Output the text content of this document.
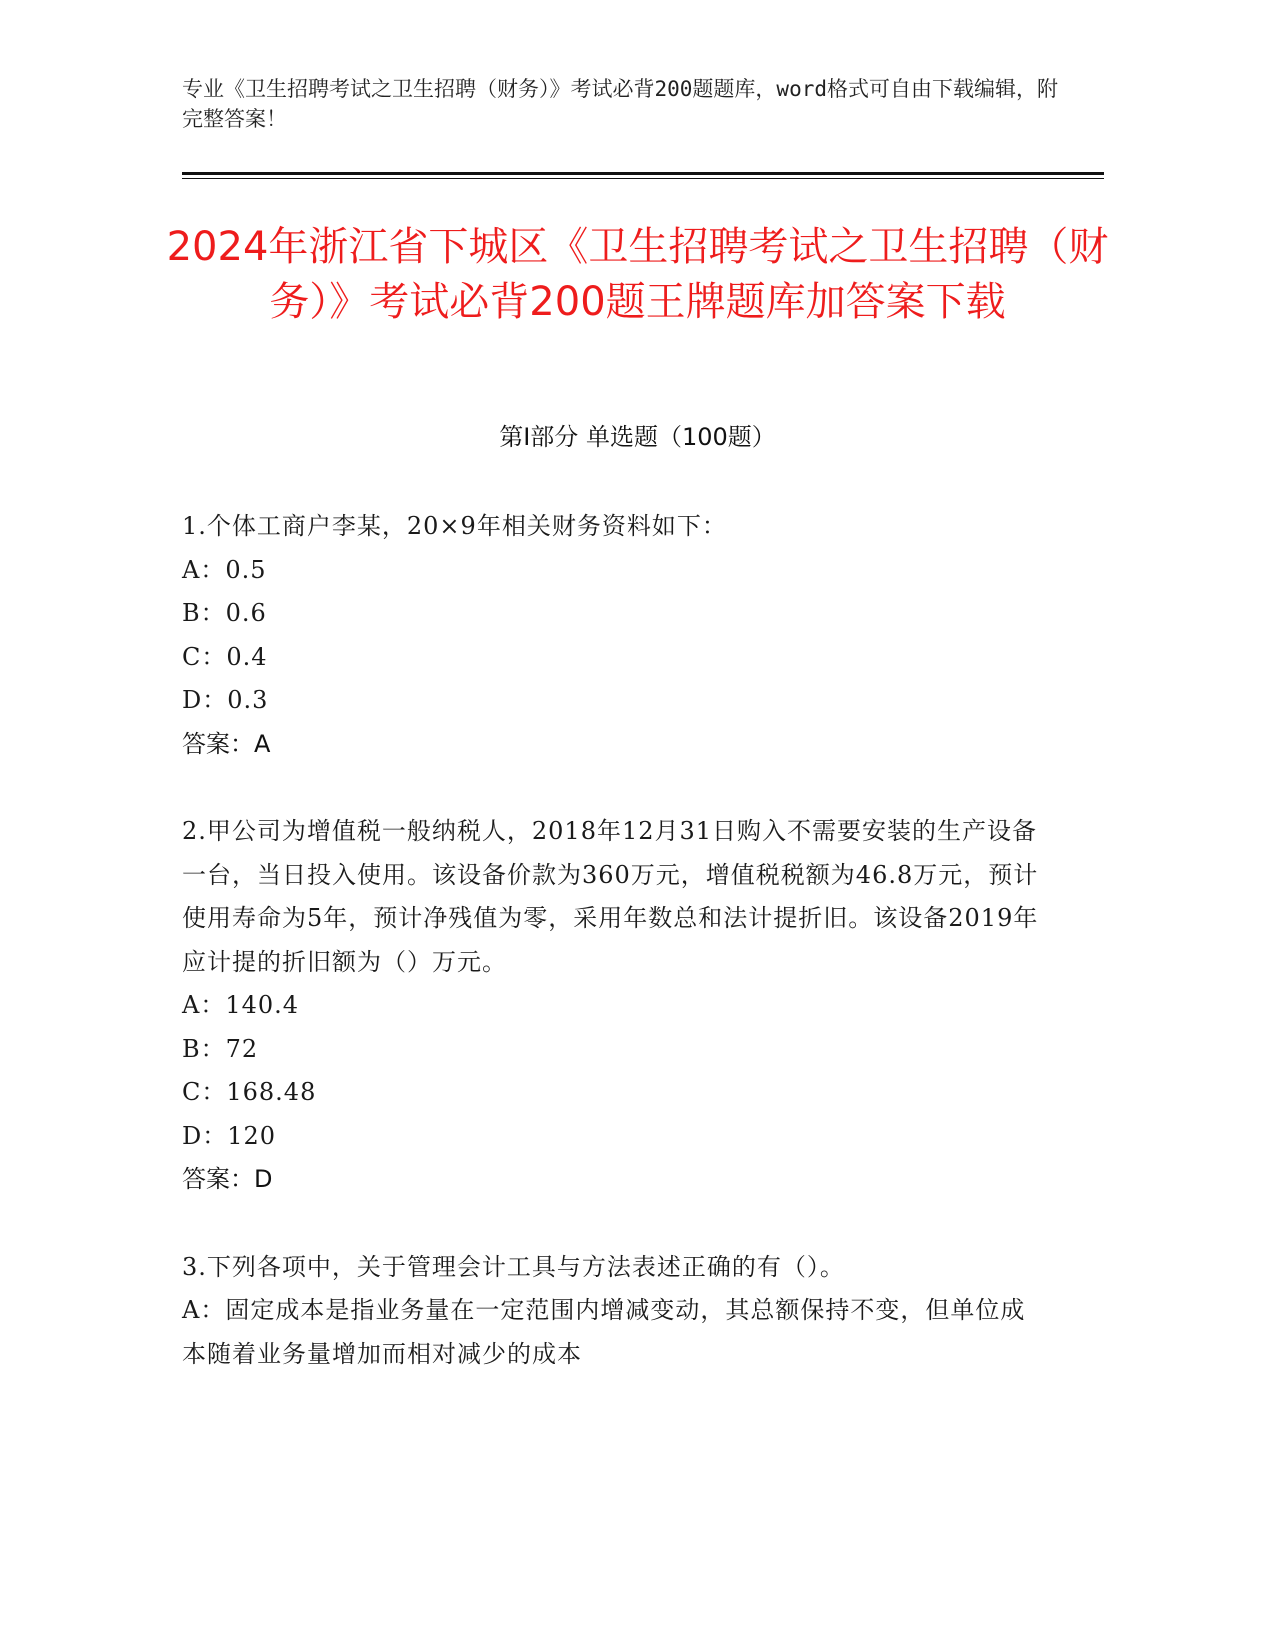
专业《卫生招聘考试之卫生招聘（财务）》考试必背200题题库，word格式可自由下载编辑，附完整答案！
2024年浙江省下城区《卫生招聘考试之卫生招聘（财务）》考试必背200题王牌题库加答案下载
第Ⅰ部分 单选题（100题）
1.个体工商户李某，20×9年相关财务资料如下：
A：0.5
B：0.6
C：0.4
D：0.3
答案：A
2.甲公司为增值税一般纳税人，2018年12月31日购入不需要安装的生产设备一台，当日投入使用。该设备价款为360万元，增值税税额为46.8万元，预计使用寿命为5年，预计净残值为零，采用年数总和法计提折旧。该设备2019年应计提的折旧额为（）万元。
A：140.4
B：72
C：168.48
D：120
答案：D
3.下列各项中，关于管理会计工具与方法表述正确的有（）。
A：固定成本是指业务量在一定范围内增减变动，其总额保持不变，但单位成本随着业务量增加而相对减少的成本
